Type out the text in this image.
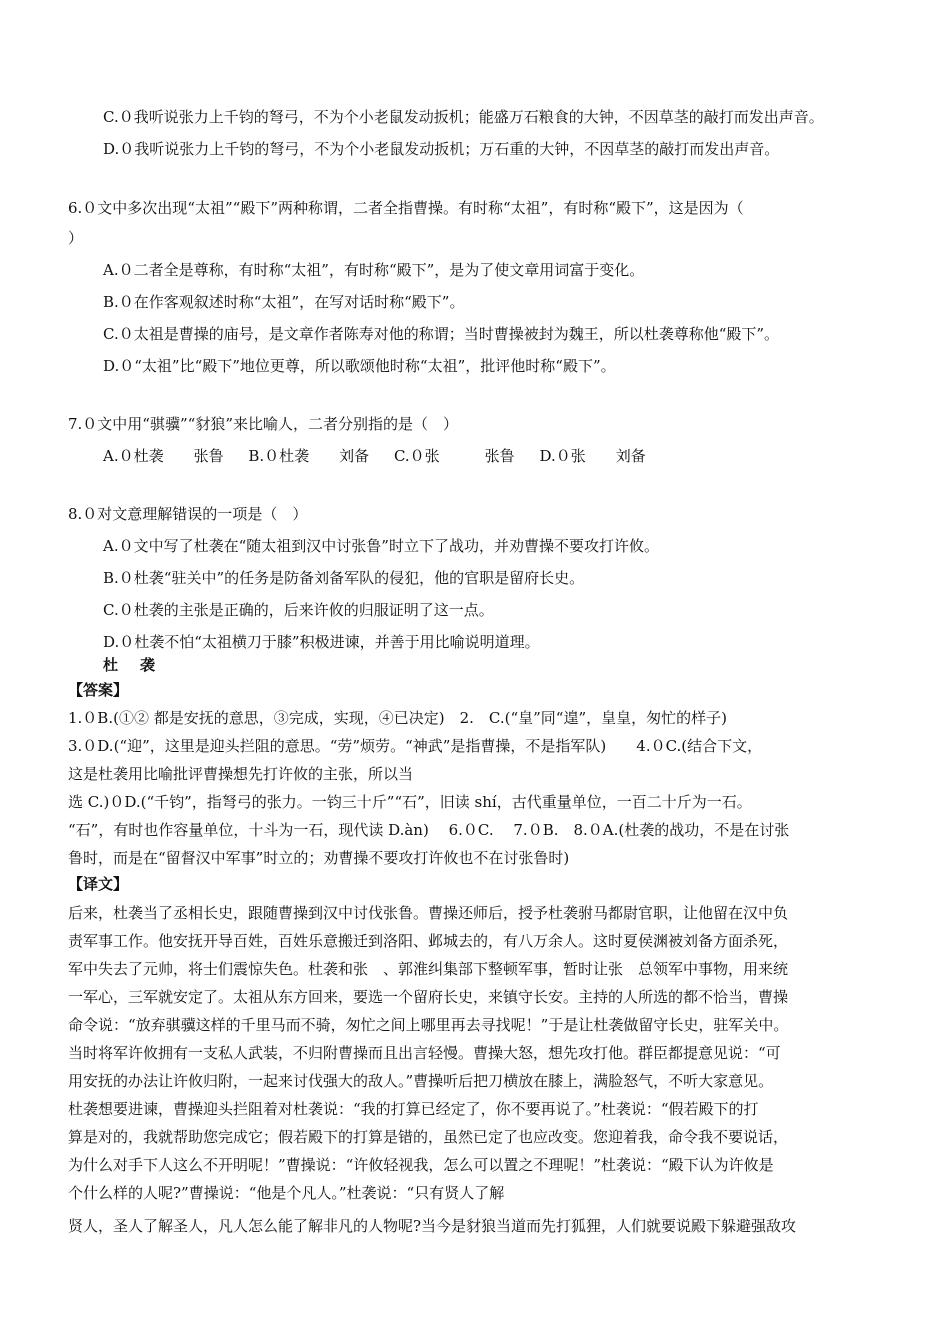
C.０我听说张力上千钧的弩弓，不为个小老鼠发动扳机；能盛万石粮食的大钟，不因草茎的敲打而发出声音。
D.０我听说张力上千钧的弩弓，不为个小老鼠发动扳机；万石重的大钟，不因草茎的敲打而发出声音。
6.０文中多次出现“太祖”“殿下”两种称谓，二者全指曹操。有时称“太祖”，有时称“殿下”，这是因为（
）
A.０二者全是尊称，有时称“太祖”，有时称“殿下”，是为了使文章用词富于变化。
B.０在作客观叙述时称“太祖”，在写对话时称“殿下”。
C.０太祖是曹操的庙号，是文章作者陈寿对他的称谓；当时曹操被封为魏王，所以杜袭尊称他“殿下”。
D.０“太祖”比“殿下”地位更尊，所以歌颂他时称“太祖”，批评他时称“殿下”。
7.０文中用“骐骥”“豺狼”来比喻人，二者分别指的是（　）
A.０杜袭　　张鲁 B.０杜袭　　刘备 C.０张　　　张鲁 D.０张　　刘备
8.０对文意理解错误的一项是（　）
A.０文中写了杜袭在“随太祖到汉中讨张鲁”时立下了战功，并劝曹操不要攻打许攸。
B.０杜袭“驻关中”的任务是防备刘备军队的侵犯，他的官职是留府长史。
C.０杜袭的主张是正确的，后来许攸的归服证明了这一点。
D.０杜袭不怕“太祖横刀于膝”积极进谏，并善于用比喻说明道理。
杜袭
【答案】
1.０B.(①② 都是安抚的意思，③完成，实现，④已决定)　2.　C.(“皇”同“遑”，皇皇，匆忙的样子)
3.０D.(“迎”，这里是迎头拦阻的意思。“劳”烦劳。“神武”是指曹操，不是指军队)　　4.０C.(结合下文，
这是杜袭用比喻批评曹操想先打许攸的主张，所以当
选 C.)０D.(“千钧”，指弩弓的张力。一钧三十斤”“石”，旧读 shí，古代重量单位，一百二十斤为一石。
“石”，有时也作容量单位，十斗为一石，现代读 D.àn)　 6.０C.　 7.０B.　8.０A.(杜袭的战功，不是在讨张
鲁时，而是在“留督汉中军事”时立的；劝曹操不要攻打许攸也不在讨张鲁时)
【译文】
后来，杜袭当了丞相长史，跟随曹操到汉中讨伐张鲁。曹操还师后，授予杜袭驸马都尉官职，让他留在汉中负
责军事工作。他安抚开导百姓，百姓乐意搬迁到洛阳、邺城去的，有八万余人。这时夏侯渊被刘备方面杀死，
军中失去了元帅，将士们震惊失色。杜袭和张　、郭淮纠集部下整顿军事，暂时让张　总领军中事物，用来统
一军心，三军就安定了。太祖从东方回来，要选一个留府长史，来镇守长安。主持的人所选的都不恰当，曹操
命令说：“放弃骐骥这样的千里马而不骑，匆忙之间上哪里再去寻找呢！”于是让杜袭做留守长史，驻军关中。
当时将军许攸拥有一支私人武装，不归附曹操而且出言轻慢。曹操大怒，想先攻打他。群臣都提意见说：“可
用安抚的办法让许攸归附，一起来讨伐强大的敌人。”曹操听后把刀横放在膝上，满脸怒气，不听大家意见。
杜袭想要进谏，曹操迎头拦阻着对杜袭说：“我的打算已经定了，你不要再说了。”杜袭说：“假若殿下的打
算是对的，我就帮助您完成它；假若殿下的打算是错的，虽然已定了也应改变。您迎着我，命令我不要说话，
为什么对手下人这么不开明呢！”曹操说：“许攸轻视我，怎么可以置之不理呢！”杜袭说：“殿下认为许攸是
个什么样的人呢?”曹操说：“他是个凡人。”杜袭说：“只有贤人了解
贤人，圣人了解圣人，凡人怎么能了解非凡的人物呢?当今是豺狼当道而先打狐狸，人们就要说殿下躲避强敌攻
